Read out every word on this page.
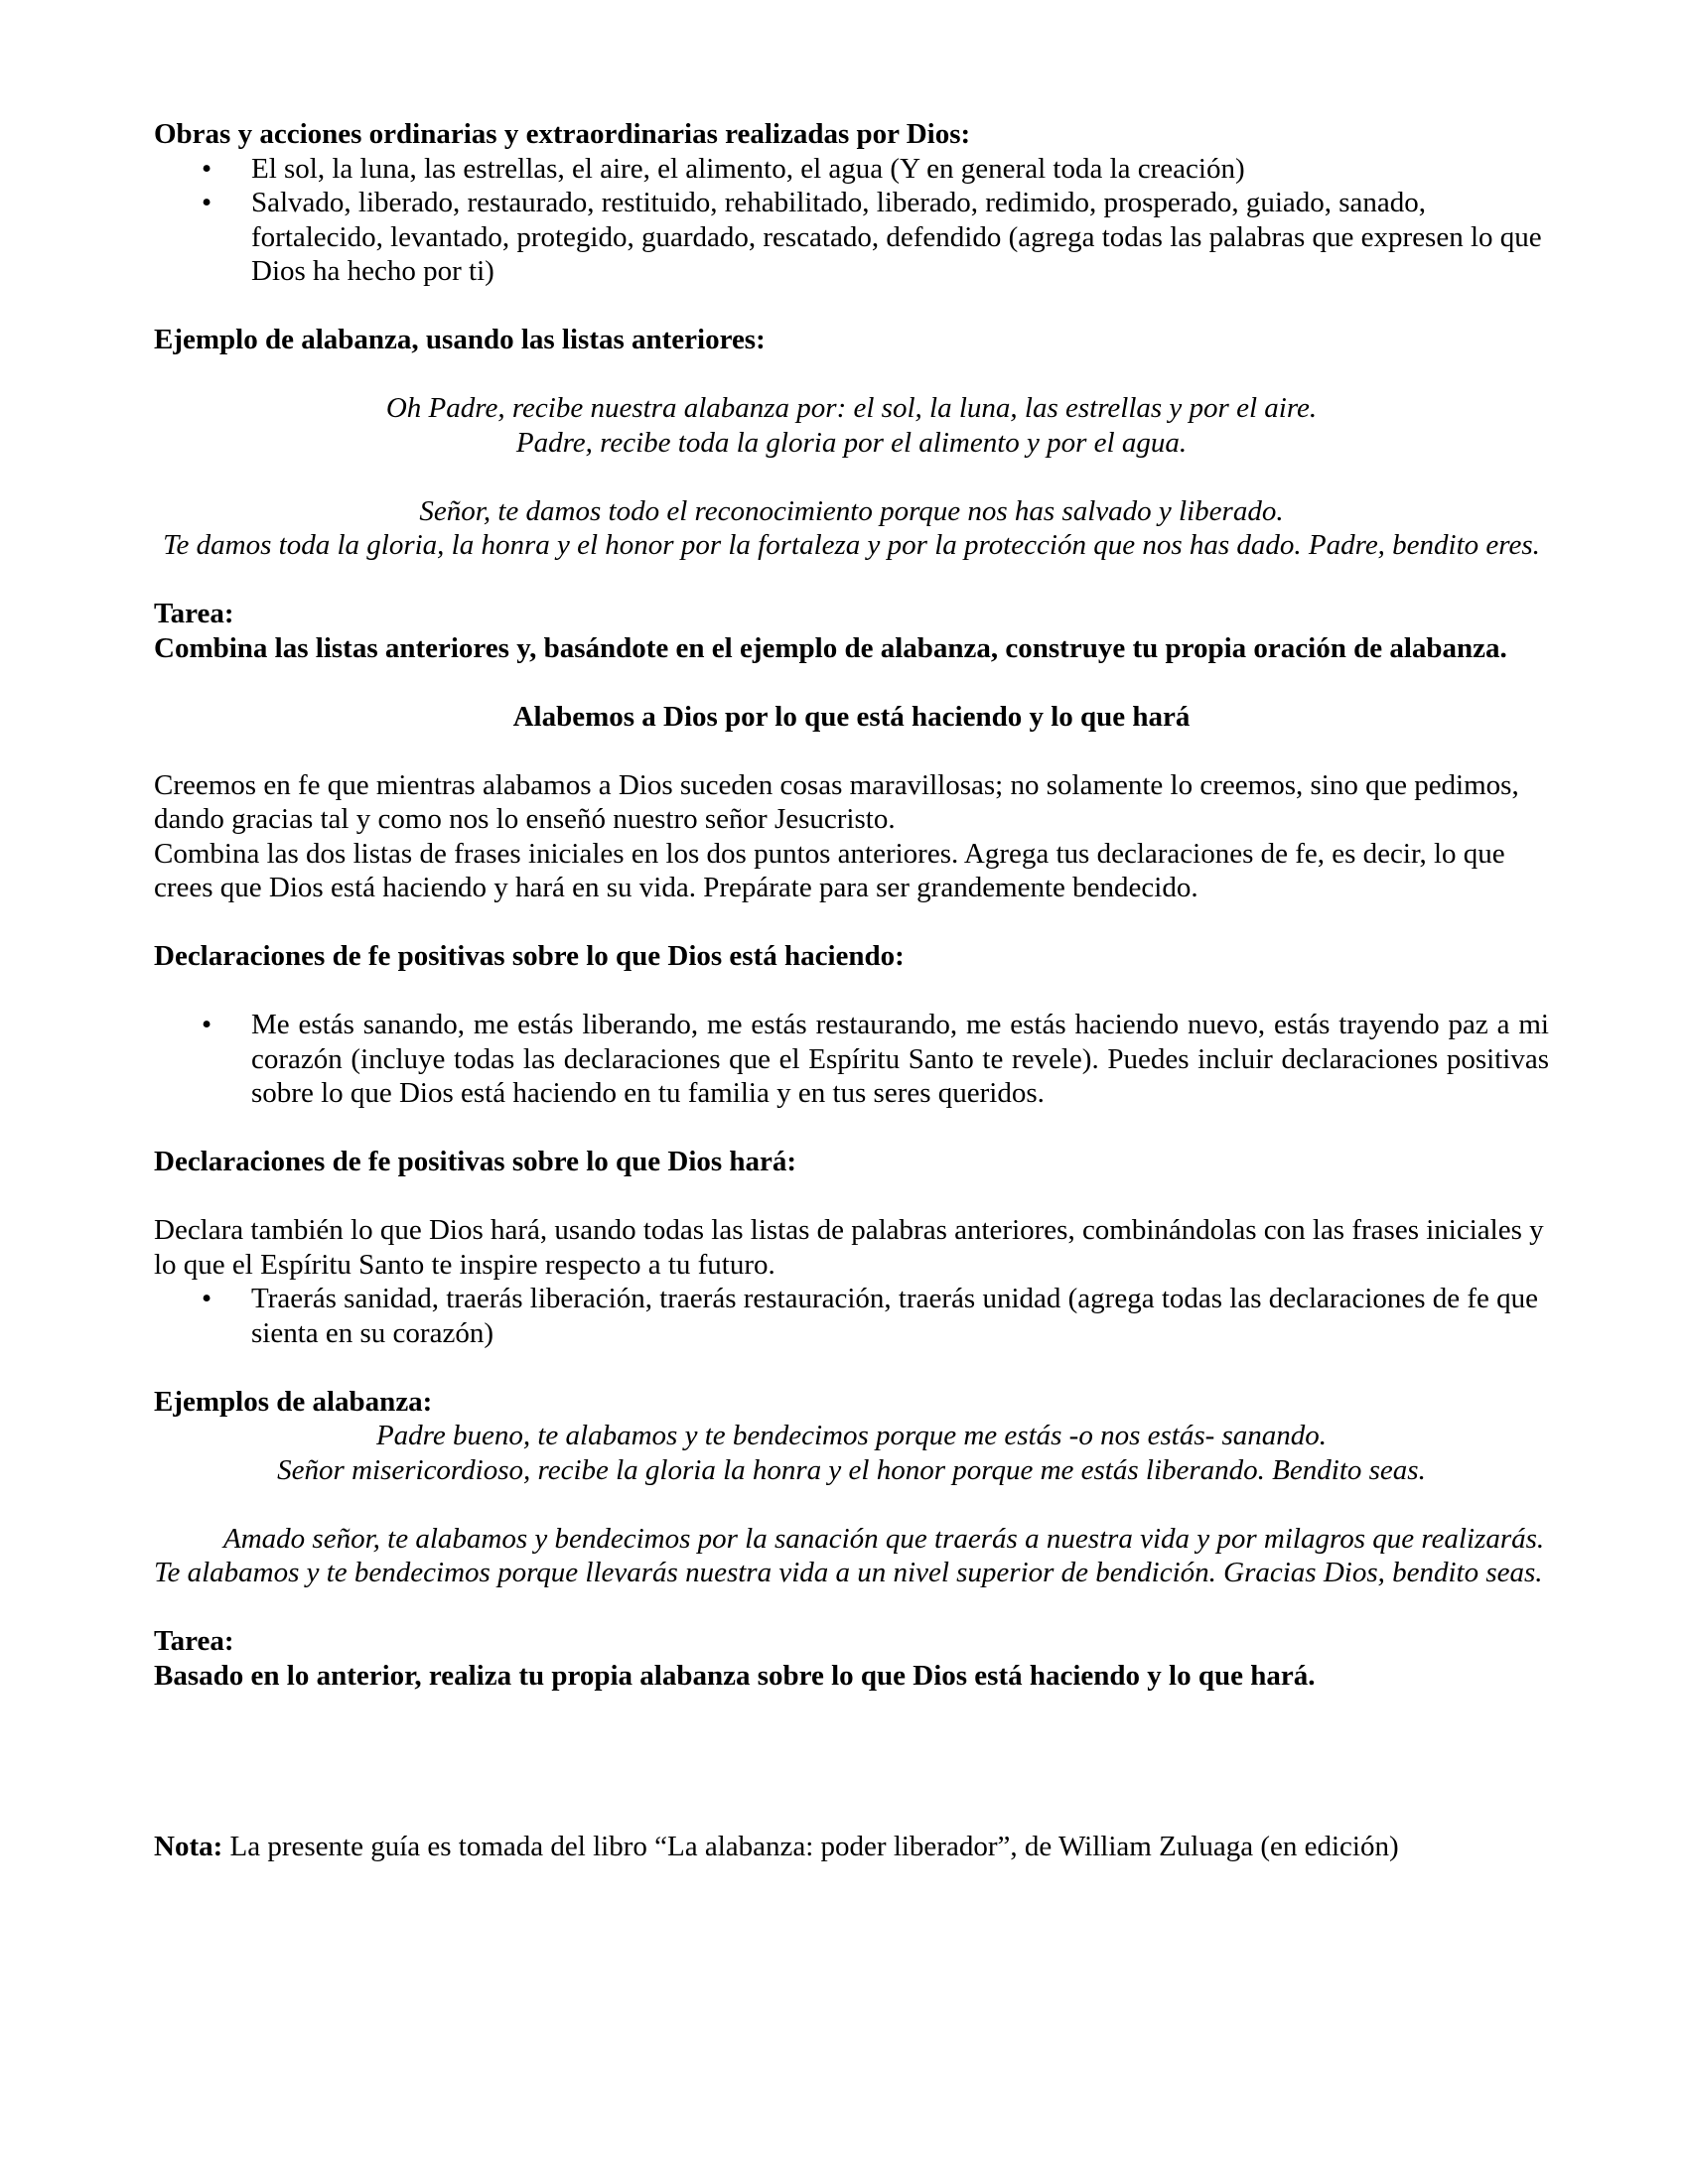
Obras y acciones ordinarias y extraordinarias realizadas por Dios:

• El sol, la luna, las estrellas, el aire, el alimento, el agua (Y en general toda la creación)
• Salvado, liberado, restaurado, restituido, rehabilitado, liberado, redimido, prosperado, guiado, sanado, fortalecido, levantado, protegido, guardado, rescatado, defendido (agrega todas las palabras que expresen lo que Dios ha hecho por ti)

Ejemplo de alabanza, usando las listas anteriores:

Oh Padre, recibe nuestra alabanza por: el sol, la luna, las estrellas y por el aire.

Padre, recibe toda la gloria por el alimento y por el agua.

Señor, te damos todo el reconocimiento porque nos has salvado y liberado.

Te damos toda la gloria, la honra y el honor por la fortaleza y por la protección que nos has dado. Padre, bendito eres.

Tarea:

Combina las listas anteriores y, basándote en el ejemplo de alabanza, construye tu propia oración de alabanza.

Alabemos a Dios por lo que está haciendo y lo que hará

Creemos en fe que mientras alabamos a Dios suceden cosas maravillosas; no solamente lo creemos, sino que pedimos, dando gracias tal y como nos lo enseñó nuestro señor Jesucristo.

Combina las dos listas de frases iniciales en los dos puntos anteriores. Agrega tus declaraciones de fe, es decir, lo que crees que Dios está haciendo y hará en su vida. Prepárate para ser grandemente bendecido.

Declaraciones de fe positivas sobre lo que Dios está haciendo:

• Me estás sanando, me estás liberando, me estás restaurando, me estás haciendo nuevo, estás trayendo paz a mi corazón (incluye todas las declaraciones que el Espíritu Santo te revele). Puedes incluir declaraciones positivas sobre lo que Dios está haciendo en tu familia y en tus seres queridos.

Declaraciones de fe positivas sobre lo que Dios hará:

Declara también lo que Dios hará, usando todas las listas de palabras anteriores, combinándolas con las frases iniciales y lo que el Espíritu Santo te inspire respecto a tu futuro.

• Traerás sanidad, traerás liberación, traerás restauración, traerás unidad (agrega todas las declaraciones de fe que sienta en su corazón)

Ejemplos de alabanza:

Padre bueno, te alabamos y te bendecimos porque me estás -o nos estás- sanando.

Señor misericordioso, recibe la gloria la honra y el honor porque me estás liberando. Bendito seas.

Amado señor, te alabamos y bendecimos por la sanación que traerás a nuestra vida y por milagros que realizarás. Te alabamos y te bendecimos porque llevarás nuestra vida a un nivel superior de bendición. Gracias Dios, bendito seas.

Tarea:

Basado en lo anterior, realiza tu propia alabanza sobre lo que Dios está haciendo y lo que hará.

Nota: La presente guía es tomada del libro “La alabanza: poder liberador”, de William Zuluaga (en edición)
